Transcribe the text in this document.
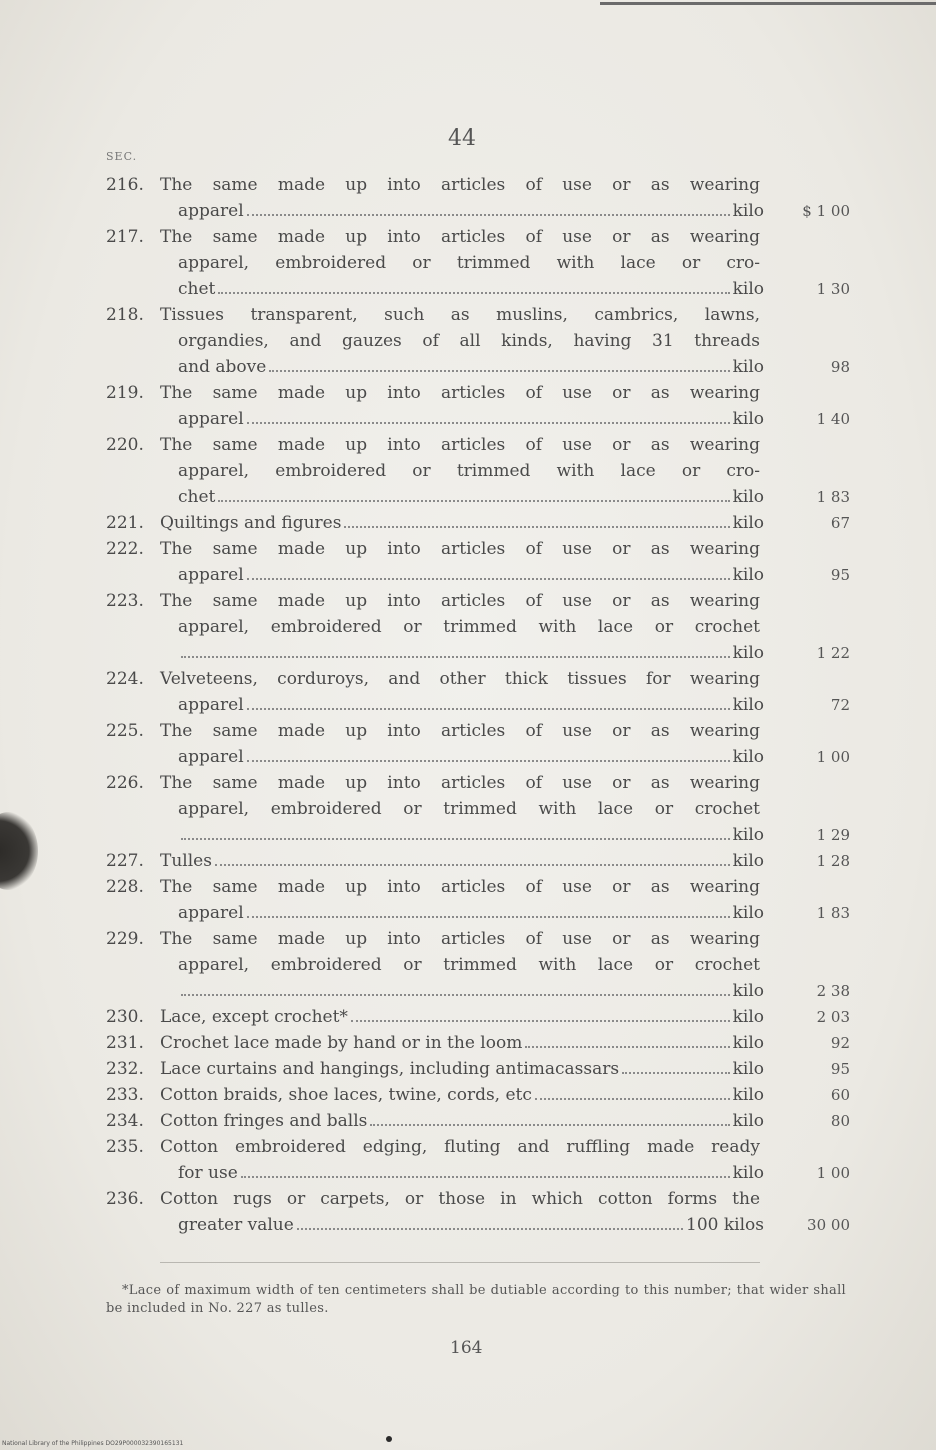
44
SEC.
216. The same made up into articles of use or as wearing
apparel	kilo	$ 1 00
217. The same made up into articles of use or as wearing
apparel, embroidered or trimmed with lace or cro-
chet	kilo	1 30
218. Tissues transparent, such as muslins, cambrics, lawns,
organdies, and gauzes of all kinds, having 31 threads
and above	kilo	98
219. The same made up into articles of use or as wearing
apparel	kilo	1 40
220. The same made up into articles of use or as wearing
apparel, embroidered or trimmed with lace or cro-
chet	kilo	1 83
221. Quiltings and figures	kilo	67
222. The same made up into articles of use or as wearing
apparel	kilo	95
223. The same made up into articles of use or as wearing
apparel, embroidered or trimmed with lace or crochet
kilo	1 22
224. Velveteens, corduroys, and other thick tissues for wearing
apparel	kilo	72
225. The same made up into articles of use or as wearing
apparel	kilo	1 00
226. The same made up into articles of use or as wearing
apparel, embroidered or trimmed with lace or crochet
kilo	1 29
227. Tulles	kilo	1 28
228. The same made up into articles of use or as wearing
apparel	kilo	1 83
229. The same made up into articles of use or as wearing
apparel, embroidered or trimmed with lace or crochet
kilo	2 38
230. Lace, except crochet*	kilo	2 03
231. Crochet lace made by hand or in the loom	kilo	92
232. Lace curtains and hangings, including antimacassars	kilo	95
233. Cotton braids, shoe laces, twine, cords, etc	kilo	60
234. Cotton fringes and balls	kilo	80
235. Cotton embroidered edging, fluting and ruffling made ready
for use	kilo	1 00
236. Cotton rugs or carpets, or those in which cotton forms the
greater value	100 kilos	30 00
*Lace of maximum width of ten centimeters shall be dutiable according to this number; that wider shall be included in No. 227 as tulles.
164
National Library of the Philippines DO29P000032390165131
